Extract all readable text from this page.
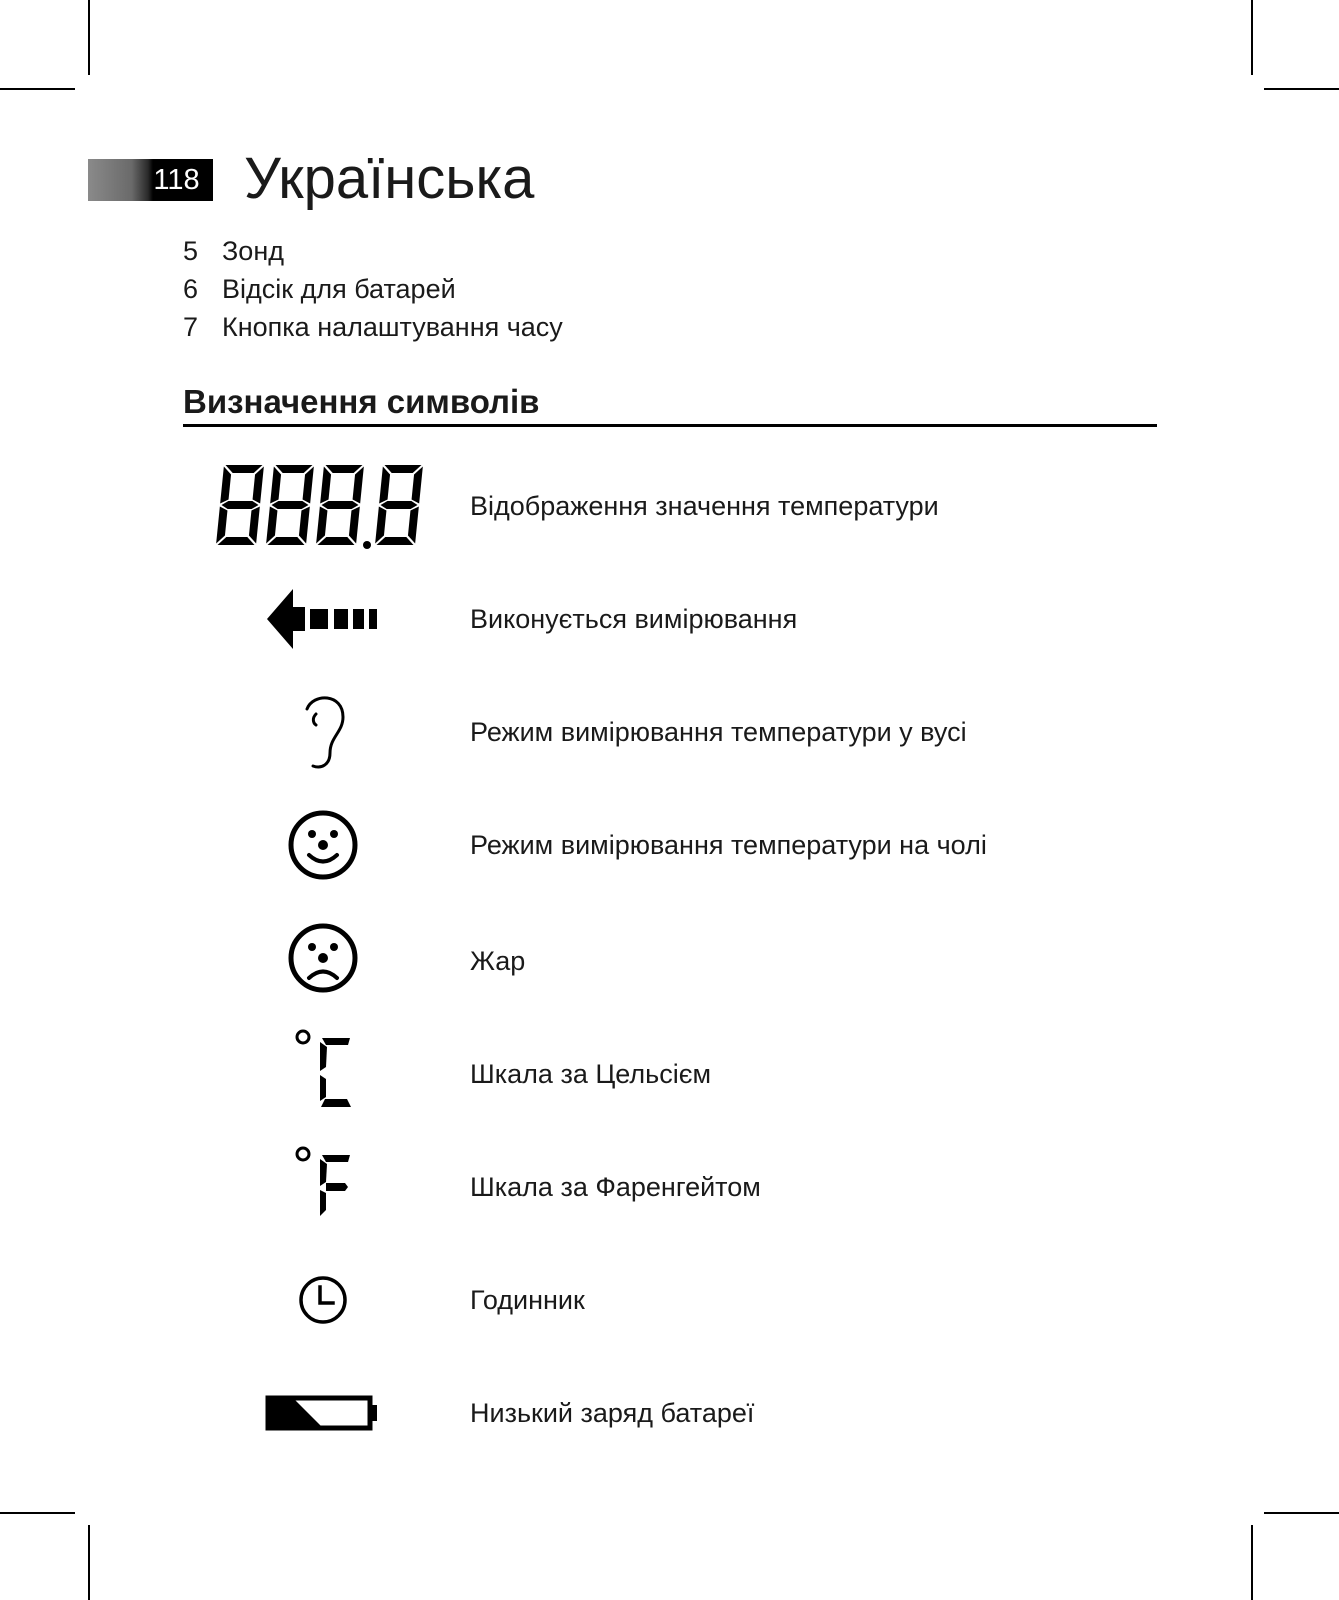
118 Українська
5 Зонд
6 Відсік для батарей
7 Кнопка налаштування часу
Визначення символів
Відображення значення температури
Виконується вимірювання
Режим вимірювання температури у вусі
Режим вимірювання температури на чолі
Жар
Шкала за Цельсієм
Шкала за Фаренгейтом
Годинник
Низький заряд батареї
